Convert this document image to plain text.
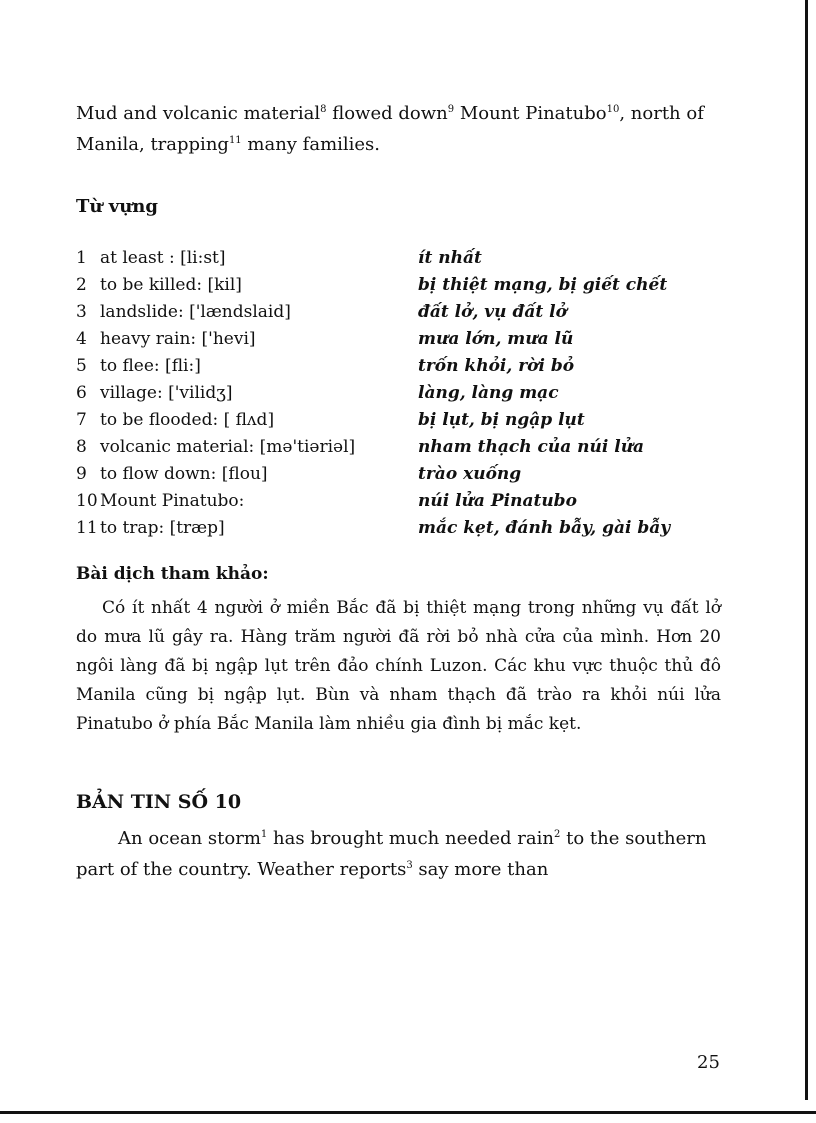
Mud and volcanic material$^8$ flowed down$^9$ Mount Pinatubo$^{10}$, north of Manila, trapping$^{11}$ many families.

Từ vựng
1 at least : [li:st]	ít nhất
2 to be killed: [kil]	bị thiệt mạng, bị giết chết
3 landslide: ['lændslaid]	đất lở, vụ đất lở
4 heavy rain: ['hevi]	mưa lớn, mưa lũ
5 to flee: [fli:]	trốn khỏi, rời bỏ
6 village: ['vilidʒ]	làng, làng mạc
7 to be flooded: [ flʌd]	bị lụt, bị ngập lụt
8 volcanic material: [mə'tiəriəl]	nham thạch của núi lửa
9 to flow down: [flou]	trào xuống
10 Mount Pinatubo:	núi lửa Pinatubo
11 to trap: [træp]	mắc kẹt, đánh bẫy, gài bẫy
Bài dịch tham khảo:

Có ít nhất 4 người ở miền Bắc đã bị thiệt mạng trong những vụ đất lở do mưa lũ gây ra. Hàng trăm người đã rời bỏ nhà cửa của mình. Hơn 20 ngôi làng đã bị ngập lụt trên đảo chính Luzon. Các khu vực thuộc thủ đô Manila cũng bị ngập lụt. Bùn và nham thạch đã trào ra khỏi núi lửa Pinatubo ở phía Bắc Manila làm nhiều gia đình bị mắc kẹt.

BẢN TIN SỐ 10

An ocean storm$^1$ has brought much needed rain$^2$ to the southern part of the country. Weather reports$^3$ say more than

25
